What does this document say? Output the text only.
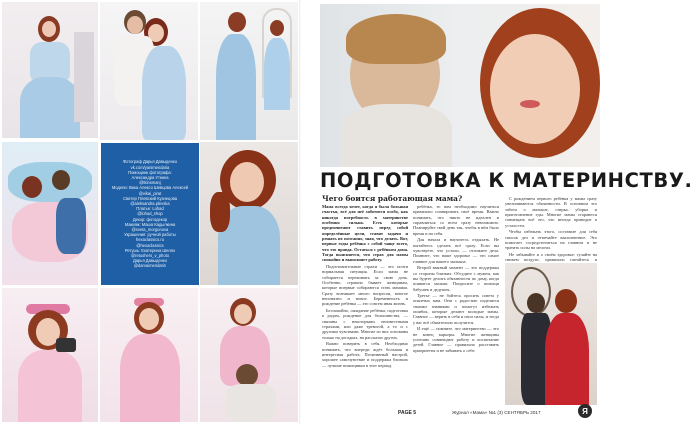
Фотограф Дарья Давыденко
vk.com/yanimendaria
Помощник фотографа:
Александра Уткина
@tkinsmanj
Модели: Вика Алексо Шевцова Алексей
@vikai_pirat
Свитер Плевский Кузнецова
@aleksandra.plevska
Платье: Lohad
@lohad_shop
Декор: фотодекор
Макияж: Маша Кадылкина
@sveta_morgunova
Украшения: ручной работы
hexaclassics.ru
@hexaclassics
Ретушь: Екатерина Шеляо
@retushers_v_photo
Дарья Давыденко
@darvaimendarin
ПОДГОТОВКА К МАТЕРИНСТВУ.
Чего боится работающая мама?

Мама всегда хочет, когда я была большая счастья, всё для неё заботится особо, как никогда потребность в материнстве особенно сильна. Есть которые предпочитают ставить перед собой определённые цели, ставят задачи и решать их поэтапно, зная, что делать. Вот, первые годы ребёнка с собой чаще всего, что это правда. Остаться с ребёнком дома. Тогда выясняется, что страх для мамы спокойно и выполняет работу.

Подготовительные страхи — это почти нормальная ситуация. Если мама не собирается переживать за свою дочь. Особенно, страшно бывает женщинам, которые впервые собираются стать мамами. Сразу возникает много вопросов, многое непонятно и новое. Беременность и рождение ребёнка — это совсем иная жизнь.

Беспокойно, ожидание ребёнка, подготовка к родам, рождение для большинства, — связаны с некоторыми неизвестными страхами, или даже тревогой, а то и с другими чувствами. Многие из них основаны только на догадках, на рассказах других.

Важно поверить в себя. Необходимо понимать, что впереди ждёт большая и интересная работа. Позитивный настрой, хорошее самочувствие и поддержка близких — лучшие помощники в этот период.

ребёнка, то вам необходимо научиться правильно планировать своё время. Важно понимать, что никто не идеален и справляться со всем сразу невозможно. Планируйте свой день так, чтобы в нём было время и на себя.

Для начала и научитесь отдыхать. Не пытайтесь сделать всё сразу. Если вы чувствуете, что устали, — отложите дела. Помните, что ваше здоровье — это самое главное для вашего малыша.

Второй важный момент — это поддержка со стороны близких. Обсудите с мужем, как вы будете делить обязанности по дому, когда появится малыш. Попросите о помощи бабушек и дедушек.

Третье — не бойтесь просить совета у опытных мам. Они с радостью поделятся своими знаниями и помогут избежать ошибок, которые делают молодые мамы. Главное — верить в себя и свои силы, и тогда у вас всё обязательно получится.

И ещё — помните, что материнство — это не конец карьеры. Многие женщины успешно совмещают работу и воспитание детей. Главное — правильно расставить приоритеты и не забывать о себе.

С рождением первого ребёнка у мамы сразу увеличиваются обязанности. В основном это забота о малыше, стирка, уборка и приготовление еды. Многие мамы стараются совмещать всё это, что иногда приводит к усталости.

Чтобы избежать этого, составьте для себя список дел и отмечайте выполненное. Это помогает сосредоточиться на главном и не тратить силы на мелочи.

Не забывайте и о своём здоровье: гуляйте на свежем воздухе, правильно питайтесь и

PAGE 5	Журнал «Мама» №1 (3) СЕНТЯБРЬ 2017	Я
